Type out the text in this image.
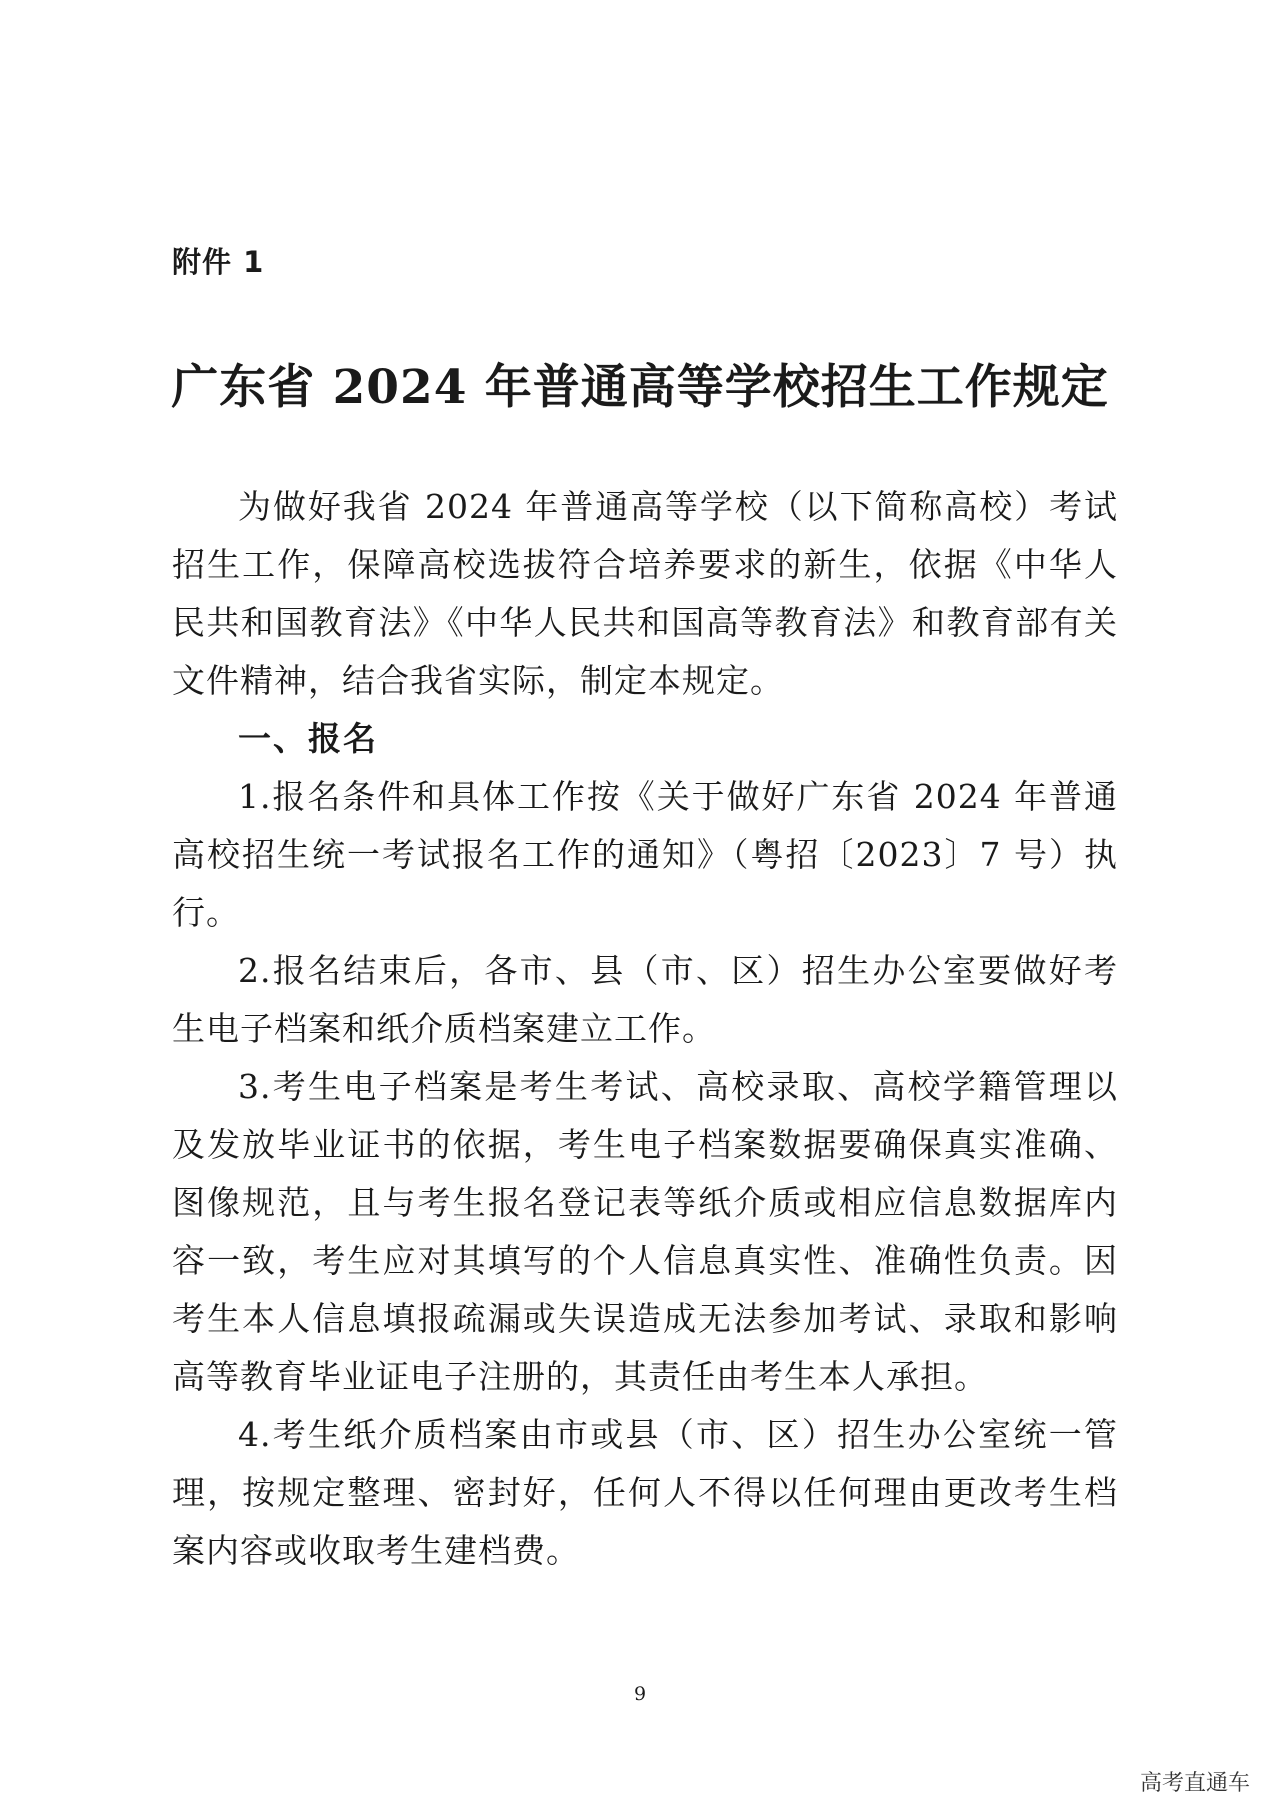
附件 1
广东省 2024 年普通高等学校招生工作规定

为做好我省 2024 年普通高等学校（以下简称高校）考试招生工作，保障高校选拔符合培养要求的新生，依据《中华人民共和国教育法》《中华人民共和国高等教育法》和教育部有关文件精神，结合我省实际，制定本规定。

一、报名

1.报名条件和具体工作按《关于做好广东省 2024 年普通高校招生统一考试报名工作的通知》（粤招〔2023〕7 号）执行。

2.报名结束后，各市、县（市、区）招生办公室要做好考生电子档案和纸介质档案建立工作。

3.考生电子档案是考生考试、高校录取、高校学籍管理以及发放毕业证书的依据，考生电子档案数据要确保真实准确、图像规范，且与考生报名登记表等纸介质或相应信息数据库内容一致，考生应对其填写的个人信息真实性、准确性负责。因考生本人信息填报疏漏或失误造成无法参加考试、录取和影响高等教育毕业证电子注册的，其责任由考生本人承担。

4.考生纸介质档案由市或县（市、区）招生办公室统一管理，按规定整理、密封好，任何人不得以任何理由更改考生档案内容或收取考生建档费。

9
高考直通车
